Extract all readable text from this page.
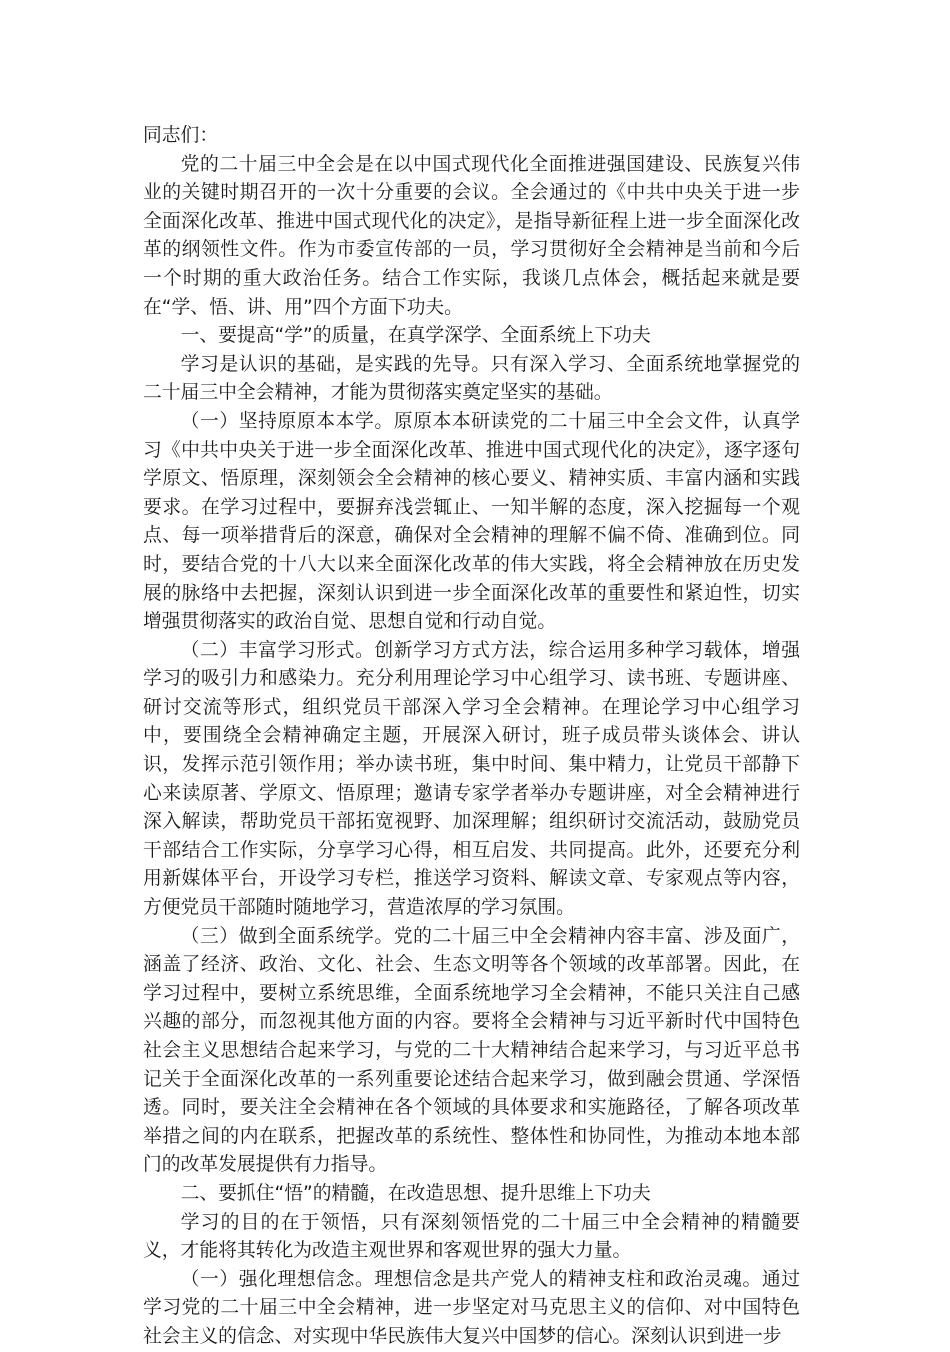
同志们：

党的二十届三中全会是在以中国式现代化全面推进强国建设、民族复兴伟业的关键时期召开的一次十分重要的会议。全会通过的《中共中央关于进一步全面深化改革、推进中国式现代化的决定》，是指导新征程上进一步全面深化改革的纲领性文件。作为市委宣传部的一员，学习贯彻好全会精神是当前和今后一个时期的重大政治任务。结合工作实际，我谈几点体会，概括起来就是要在“学、悟、讲、用”四个方面下功夫。

一、要提高“学”的质量，在真学深学、全面系统上下功夫

学习是认识的基础，是实践的先导。只有深入学习、全面系统地掌握党的二十届三中全会精神，才能为贯彻落实奠定坚实的基础。

（一）坚持原原本本学。原原本本研读党的二十届三中全会文件，认真学习《中共中央关于进一步全面深化改革、推进中国式现代化的决定》，逐字逐句学原文、悟原理，深刻领会全会精神的核心要义、精神实质、丰富内涵和实践要求。在学习过程中，要摒弃浅尝辄止、一知半解的态度，深入挖掘每一个观点、每一项举措背后的深意，确保对全会精神的理解不偏不倚、准确到位。同时，要结合党的十八大以来全面深化改革的伟大实践，将全会精神放在历史发展的脉络中去把握，深刻认识到进一步全面深化改革的重要性和紧迫性，切实增强贯彻落实的政治自觉、思想自觉和行动自觉。

（二）丰富学习形式。创新学习方式方法，综合运用多种学习载体，增强学习的吸引力和感染力。充分利用理论学习中心组学习、读书班、专题讲座、研讨交流等形式，组织党员干部深入学习全会精神。在理论学习中心组学习中，要围绕全会精神确定主题，开展深入研讨，班子成员带头谈体会、讲认识，发挥示范引领作用；举办读书班，集中时间、集中精力，让党员干部静下心来读原著、学原文、悟原理；邀请专家学者举办专题讲座，对全会精神进行深入解读，帮助党员干部拓宽视野、加深理解；组织研讨交流活动，鼓励党员干部结合工作实际，分享学习心得，相互启发、共同提高。此外，还要充分利用新媒体平台，开设学习专栏，推送学习资料、解读文章、专家观点等内容，方便党员干部随时随地学习，营造浓厚的学习氛围。

（三）做到全面系统学。党的二十届三中全会精神内容丰富、涉及面广，涵盖了经济、政治、文化、社会、生态文明等各个领域的改革部署。因此，在学习过程中，要树立系统思维，全面系统地学习全会精神，不能只关注自己感兴趣的部分，而忽视其他方面的内容。要将全会精神与习近平新时代中国特色社会主义思想结合起来学习，与党的二十大精神结合起来学习，与习近平总书记关于全面深化改革的一系列重要论述结合起来学习，做到融会贯通、学深悟透。同时，要关注全会精神在各个领域的具体要求和实施路径，了解各项改革举措之间的内在联系，把握改革的系统性、整体性和协同性，为推动本地本部门的改革发展提供有力指导。

二、要抓住“悟”的精髓，在改造思想、提升思维上下功夫

学习的目的在于领悟，只有深刻领悟党的二十届三中全会精神的精髓要义，才能将其转化为改造主观世界和客观世界的强大力量。

（一）强化理想信念。理想信念是共产党人的精神支柱和政治灵魂。通过学习党的二十届三中全会精神，进一步坚定对马克思主义的信仰、对中国特色社会主义的信念、对实现中华民族伟大复兴中国梦的信心。深刻认识到进一步
